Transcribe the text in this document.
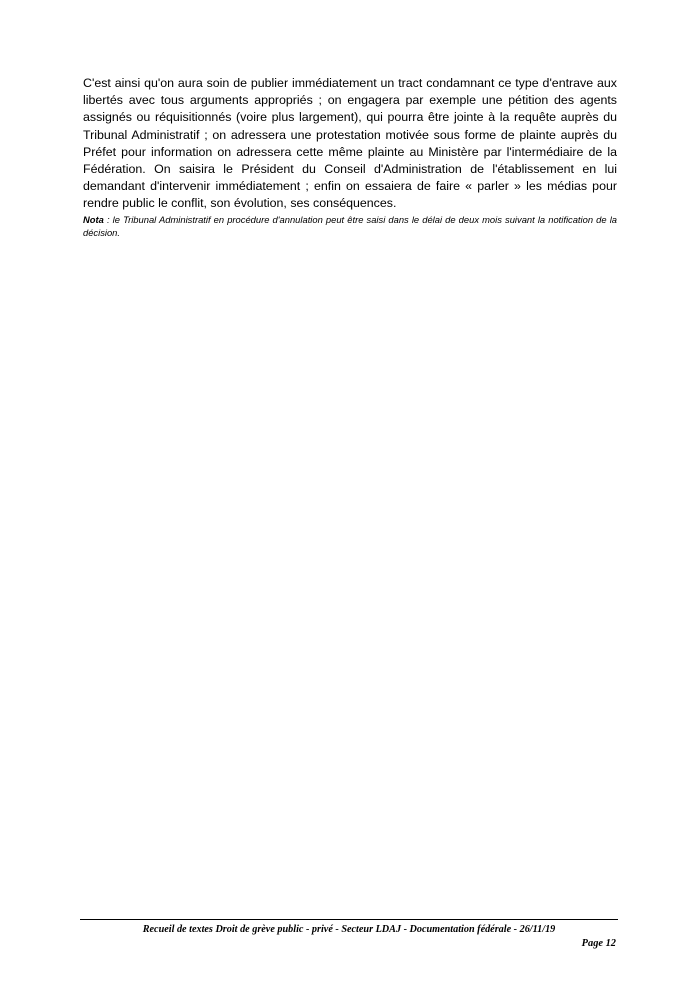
C'est ainsi qu'on aura soin de publier immédiatement un tract condamnant ce type d'entrave aux libertés avec tous arguments appropriés ; on engagera par exemple une pétition des agents assignés ou réquisitionnés (voire plus largement), qui pourra être jointe à la requête auprès du Tribunal Administratif ; on adressera une protestation motivée sous forme de plainte auprès du Préfet pour information on adressera cette même plainte au Ministère par l'intermédiaire de la Fédération. On saisira le Président du Conseil d'Administration de l'établissement en lui demandant d'intervenir immédiatement ; enfin on essaiera de faire « parler » les médias pour rendre public le conflit, son évolution, ses conséquences.

Nota : le Tribunal Administratif en procédure d'annulation peut être saisi dans le délai de deux mois suivant la notification de la décision.

Recueil de textes Droit de grève public - privé - Secteur LDAJ - Documentation fédérale - 26/11/19

Page 12
